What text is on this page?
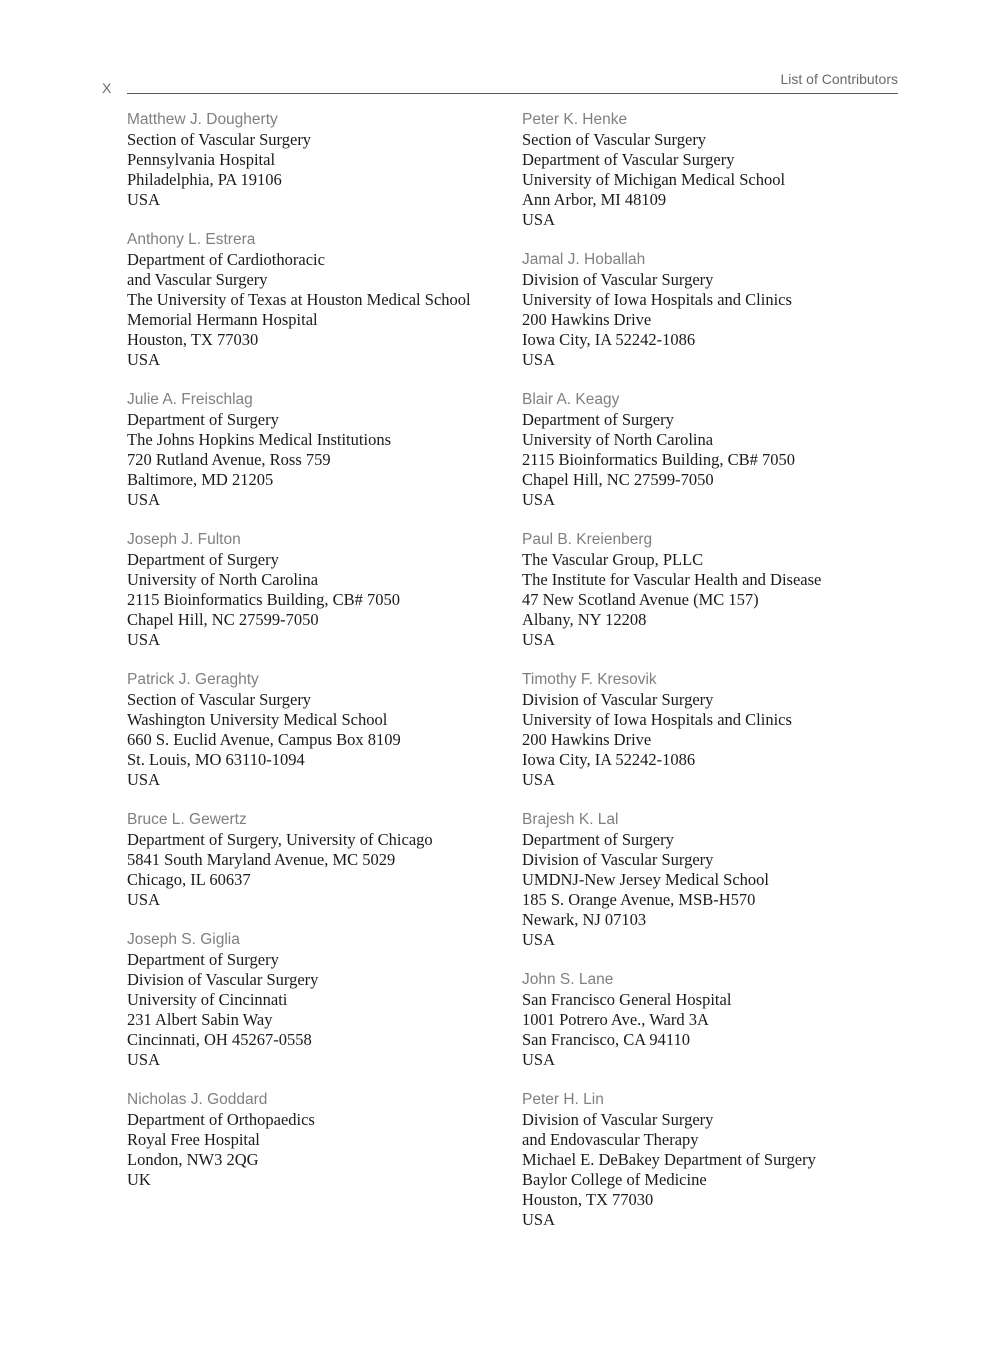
X
List of Contributors
Matthew J. Dougherty
Section of Vascular Surgery
Pennsylvania Hospital
Philadelphia, PA 19106
USA
Anthony L. Estrera
Department of Cardiothoracic
and Vascular Surgery
The University of Texas at Houston Medical School
Memorial Hermann Hospital
Houston, TX 77030
USA
Julie A. Freischlag
Department of Surgery
The Johns Hopkins Medical Institutions
720 Rutland Avenue, Ross 759
Baltimore, MD 21205
USA
Joseph J. Fulton
Department of Surgery
University of North Carolina
2115 Bioinformatics Building, CB# 7050
Chapel Hill, NC 27599-7050
USA
Patrick J. Geraghty
Section of Vascular Surgery
Washington University Medical School
660 S. Euclid Avenue, Campus Box 8109
St. Louis, MO 63110-1094
USA
Bruce L. Gewertz
Department of Surgery, University of Chicago
5841 South Maryland Avenue, MC 5029
Chicago, IL 60637
USA
Joseph S. Giglia
Department of Surgery
Division of Vascular Surgery
University of Cincinnati
231 Albert Sabin Way
Cincinnati, OH 45267-0558
USA
Nicholas J. Goddard
Department of Orthopaedics
Royal Free Hospital
London, NW3 2QG
UK
Peter K. Henke
Section of Vascular Surgery
Department of Vascular Surgery
University of Michigan Medical School
Ann Arbor, MI 48109
USA
Jamal J. Hoballah
Division of Vascular Surgery
University of Iowa Hospitals and Clinics
200 Hawkins Drive
Iowa City, IA 52242-1086
USA
Blair A. Keagy
Department of Surgery
University of North Carolina
2115 Bioinformatics Building, CB# 7050
Chapel Hill, NC 27599-7050
USA
Paul B. Kreienberg
The Vascular Group, PLLC
The Institute for Vascular Health and Disease
47 New Scotland Avenue (MC 157)
Albany, NY 12208
USA
Timothy F. Kresovik
Division of Vascular Surgery
University of Iowa Hospitals and Clinics
200 Hawkins Drive
Iowa City, IA 52242-1086
USA
Brajesh K. Lal
Department of Surgery
Division of Vascular Surgery
UMDNJ-New Jersey Medical School
185 S. Orange Avenue, MSB-H570
Newark, NJ 07103
USA
John S. Lane
San Francisco General Hospital
1001 Potrero Ave., Ward 3A
San Francisco, CA 94110
USA
Peter H. Lin
Division of Vascular Surgery
and Endovascular Therapy
Michael E. DeBakey Department of Surgery
Baylor College of Medicine
Houston, TX 77030
USA
